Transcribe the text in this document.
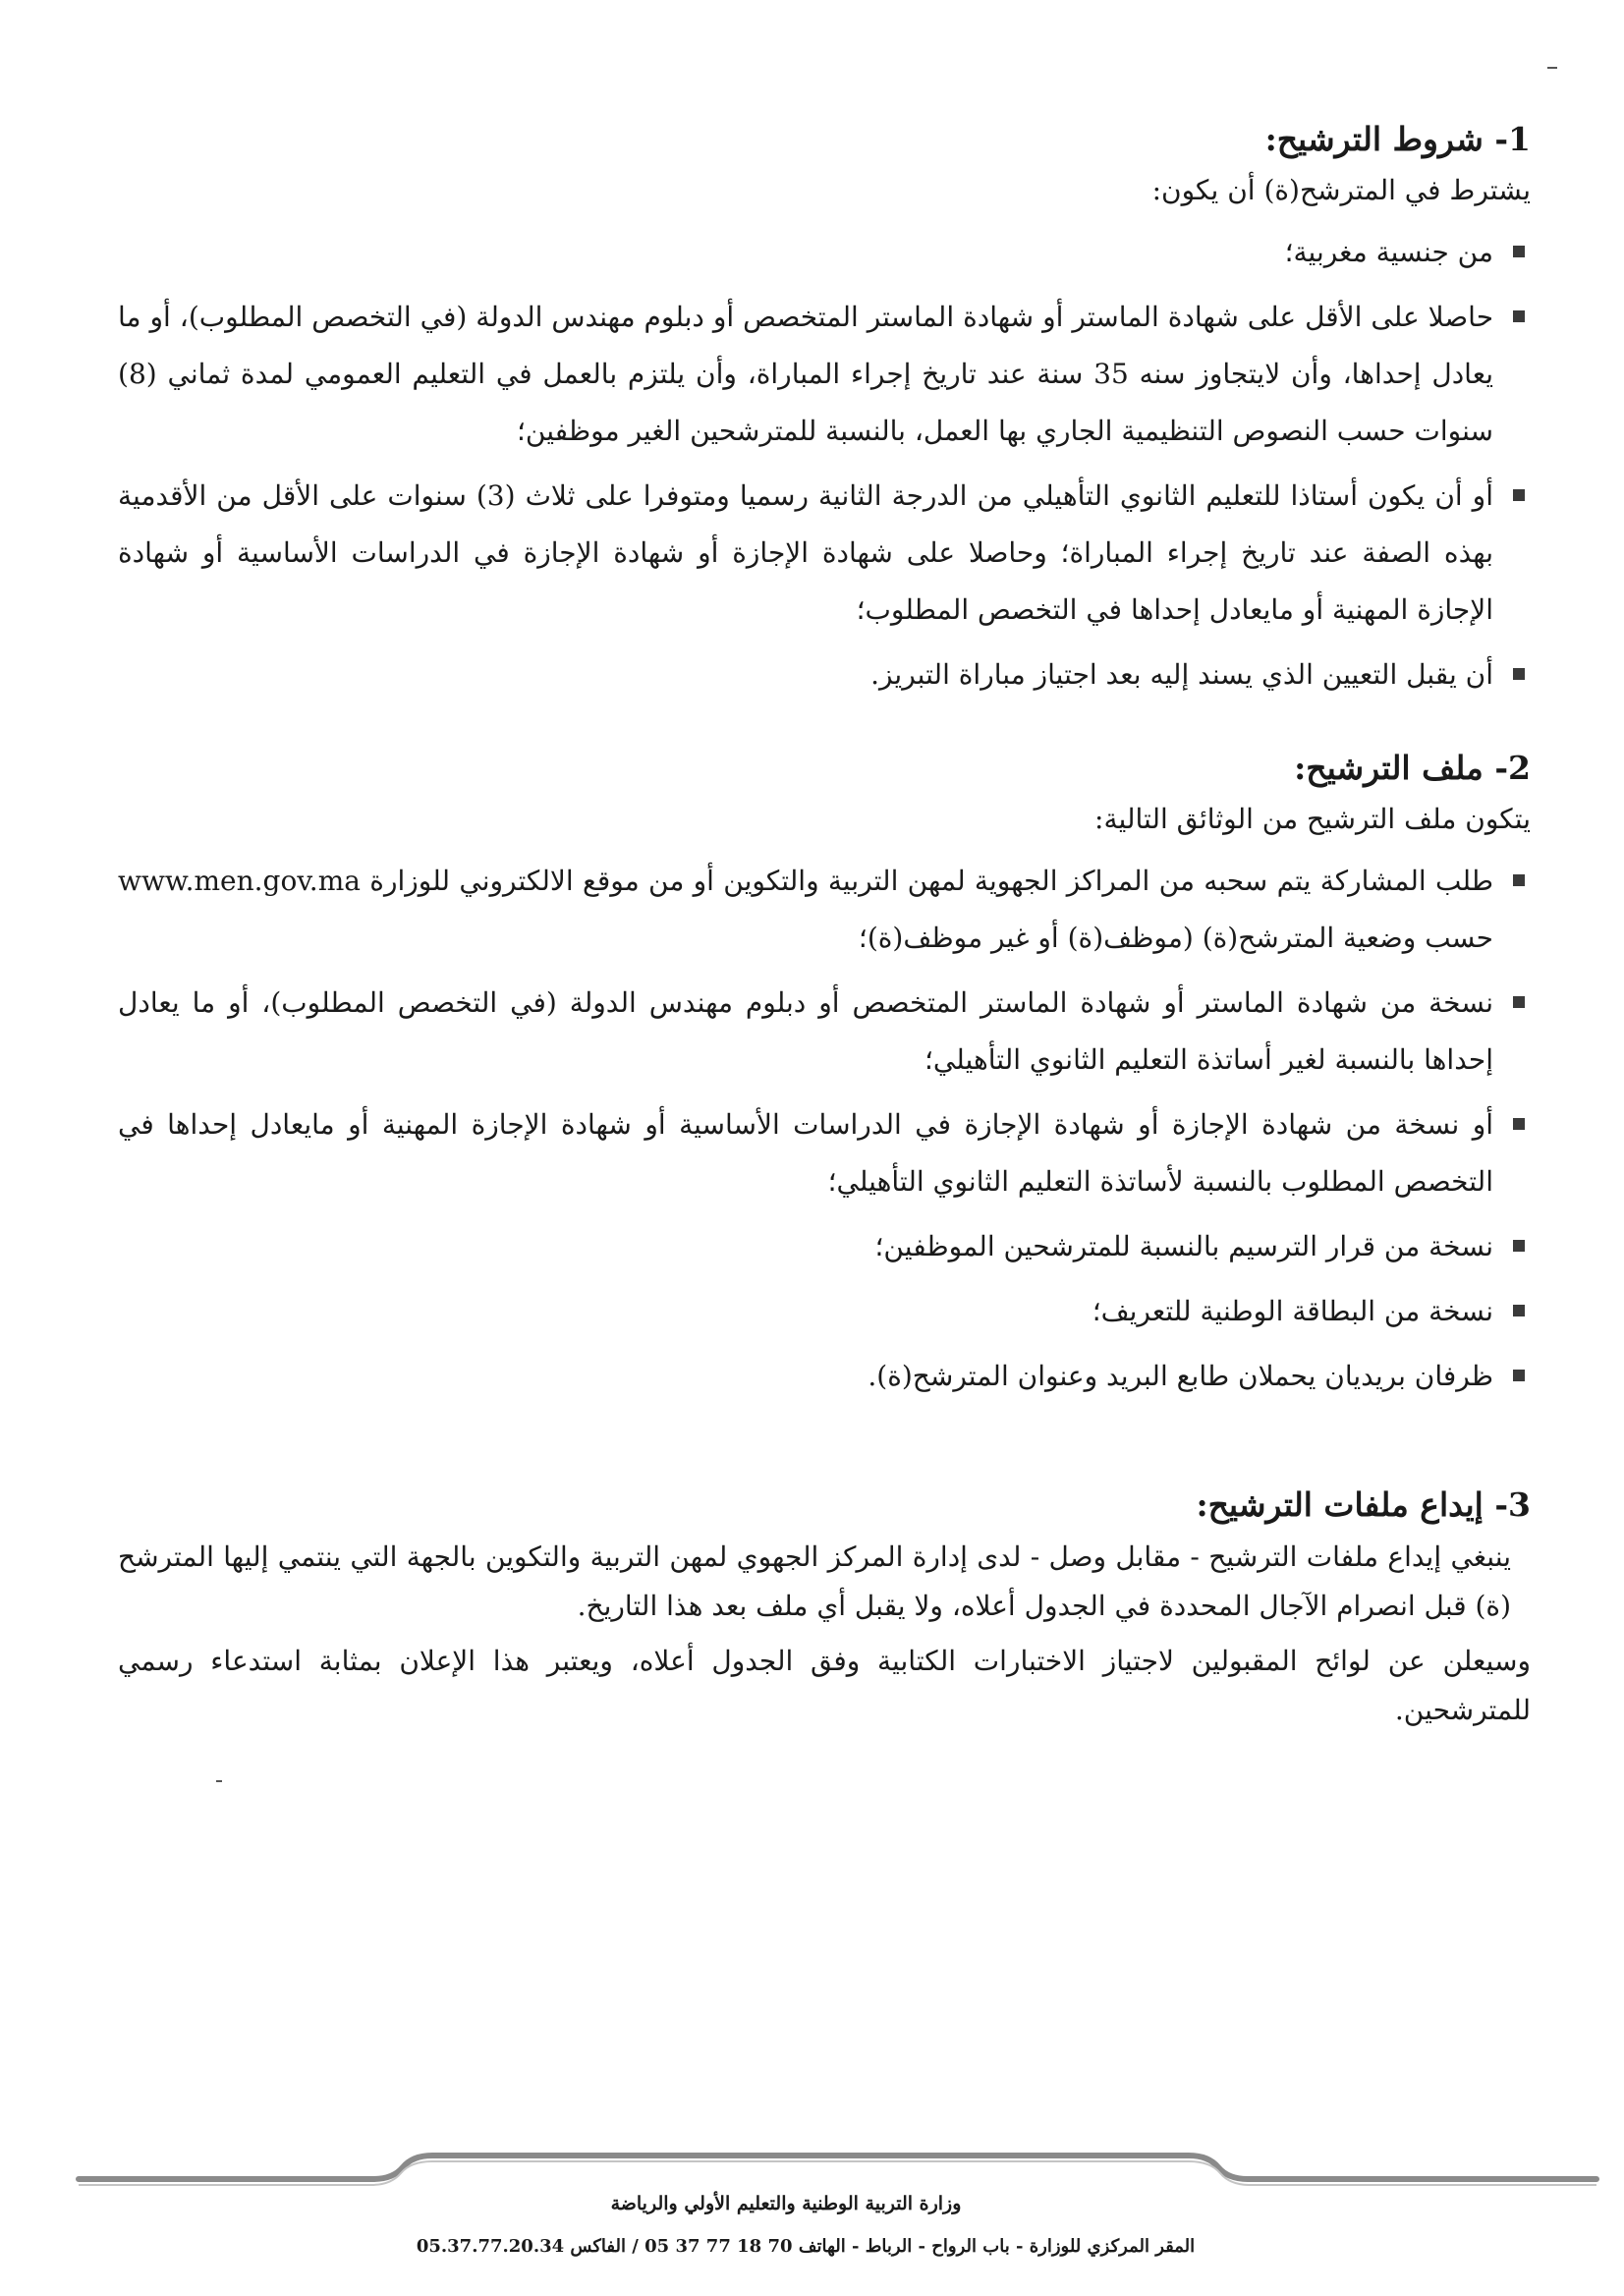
1- شروط الترشيح:

يشترط في المترشح(ة) أن يكون:

من جنسية مغربية؛
حاصلا على الأقل على شهادة الماستر أو شهادة الماستر المتخصص أو دبلوم مهندس الدولة (في التخصص المطلوب)، أو ما يعادل إحداها، وأن لايتجاوز سنه 35 سنة عند تاريخ إجراء المباراة، وأن يلتزم بالعمل في التعليم العمومي لمدة ثماني (8) سنوات حسب النصوص التنظيمية الجاري بها العمل، بالنسبة للمترشحين الغير موظفين؛
أو أن يكون أستاذا للتعليم الثانوي التأهيلي من الدرجة الثانية رسميا ومتوفرا على ثلاث (3) سنوات على الأقل من الأقدمية بهذه الصفة عند تاريخ إجراء المباراة؛ وحاصلا على شهادة الإجازة أو شهادة الإجازة في الدراسات الأساسية أو شهادة الإجازة المهنية أو مايعادل إحداها في التخصص المطلوب؛
أن يقبل التعيين الذي يسند إليه بعد اجتياز مباراة التبريز.
2- ملف الترشيح:

يتكون ملف الترشيح من الوثائق التالية:

طلب المشاركة يتم سحبه من المراكز الجهوية لمهن التربية والتكوين أو من موقع الالكتروني للوزارة www.men.gov.ma حسب وضعية المترشح(ة) (موظف(ة) أو غير موظف(ة)؛
نسخة من شهادة الماستر أو شهادة الماستر المتخصص أو دبلوم مهندس الدولة (في التخصص المطلوب)، أو ما يعادل إحداها بالنسبة لغير أساتذة التعليم الثانوي التأهيلي؛
أو نسخة من شهادة الإجازة أو شهادة الإجازة في الدراسات الأساسية أو شهادة الإجازة المهنية أو مايعادل إحداها في التخصص المطلوب بالنسبة لأساتذة التعليم الثانوي التأهيلي؛
نسخة من قرار الترسيم بالنسبة للمترشحين الموظفين؛
نسخة من البطاقة الوطنية للتعريف؛
ظرفان بريديان يحملان طابع البريد وعنوان المترشح(ة).
3- إيداع ملفات الترشيح:

ينبغي إيداع ملفات الترشيح - مقابل وصل - لدى إدارة المركز الجهوي لمهن التربية والتكوين بالجهة التي ينتمي إليها المترشح (ة) قبل انصرام الآجال المحددة في الجدول أعلاه، ولا يقبل أي ملف بعد هذا التاريخ.

وسيعلن عن لوائح المقبولين لاجتياز الاختبارات الكتابية وفق الجدول أعلاه، ويعتبر هذا الإعلان بمثابة استدعاء رسمي للمترشحين.

وزارة التربية الوطنية والتعليم الأولي والرياضة
المقر المركزي للوزارة - باب الرواح - الرباط - الهاتف 70 18 77 37 05 / الفاكس 05.37.77.20.34
